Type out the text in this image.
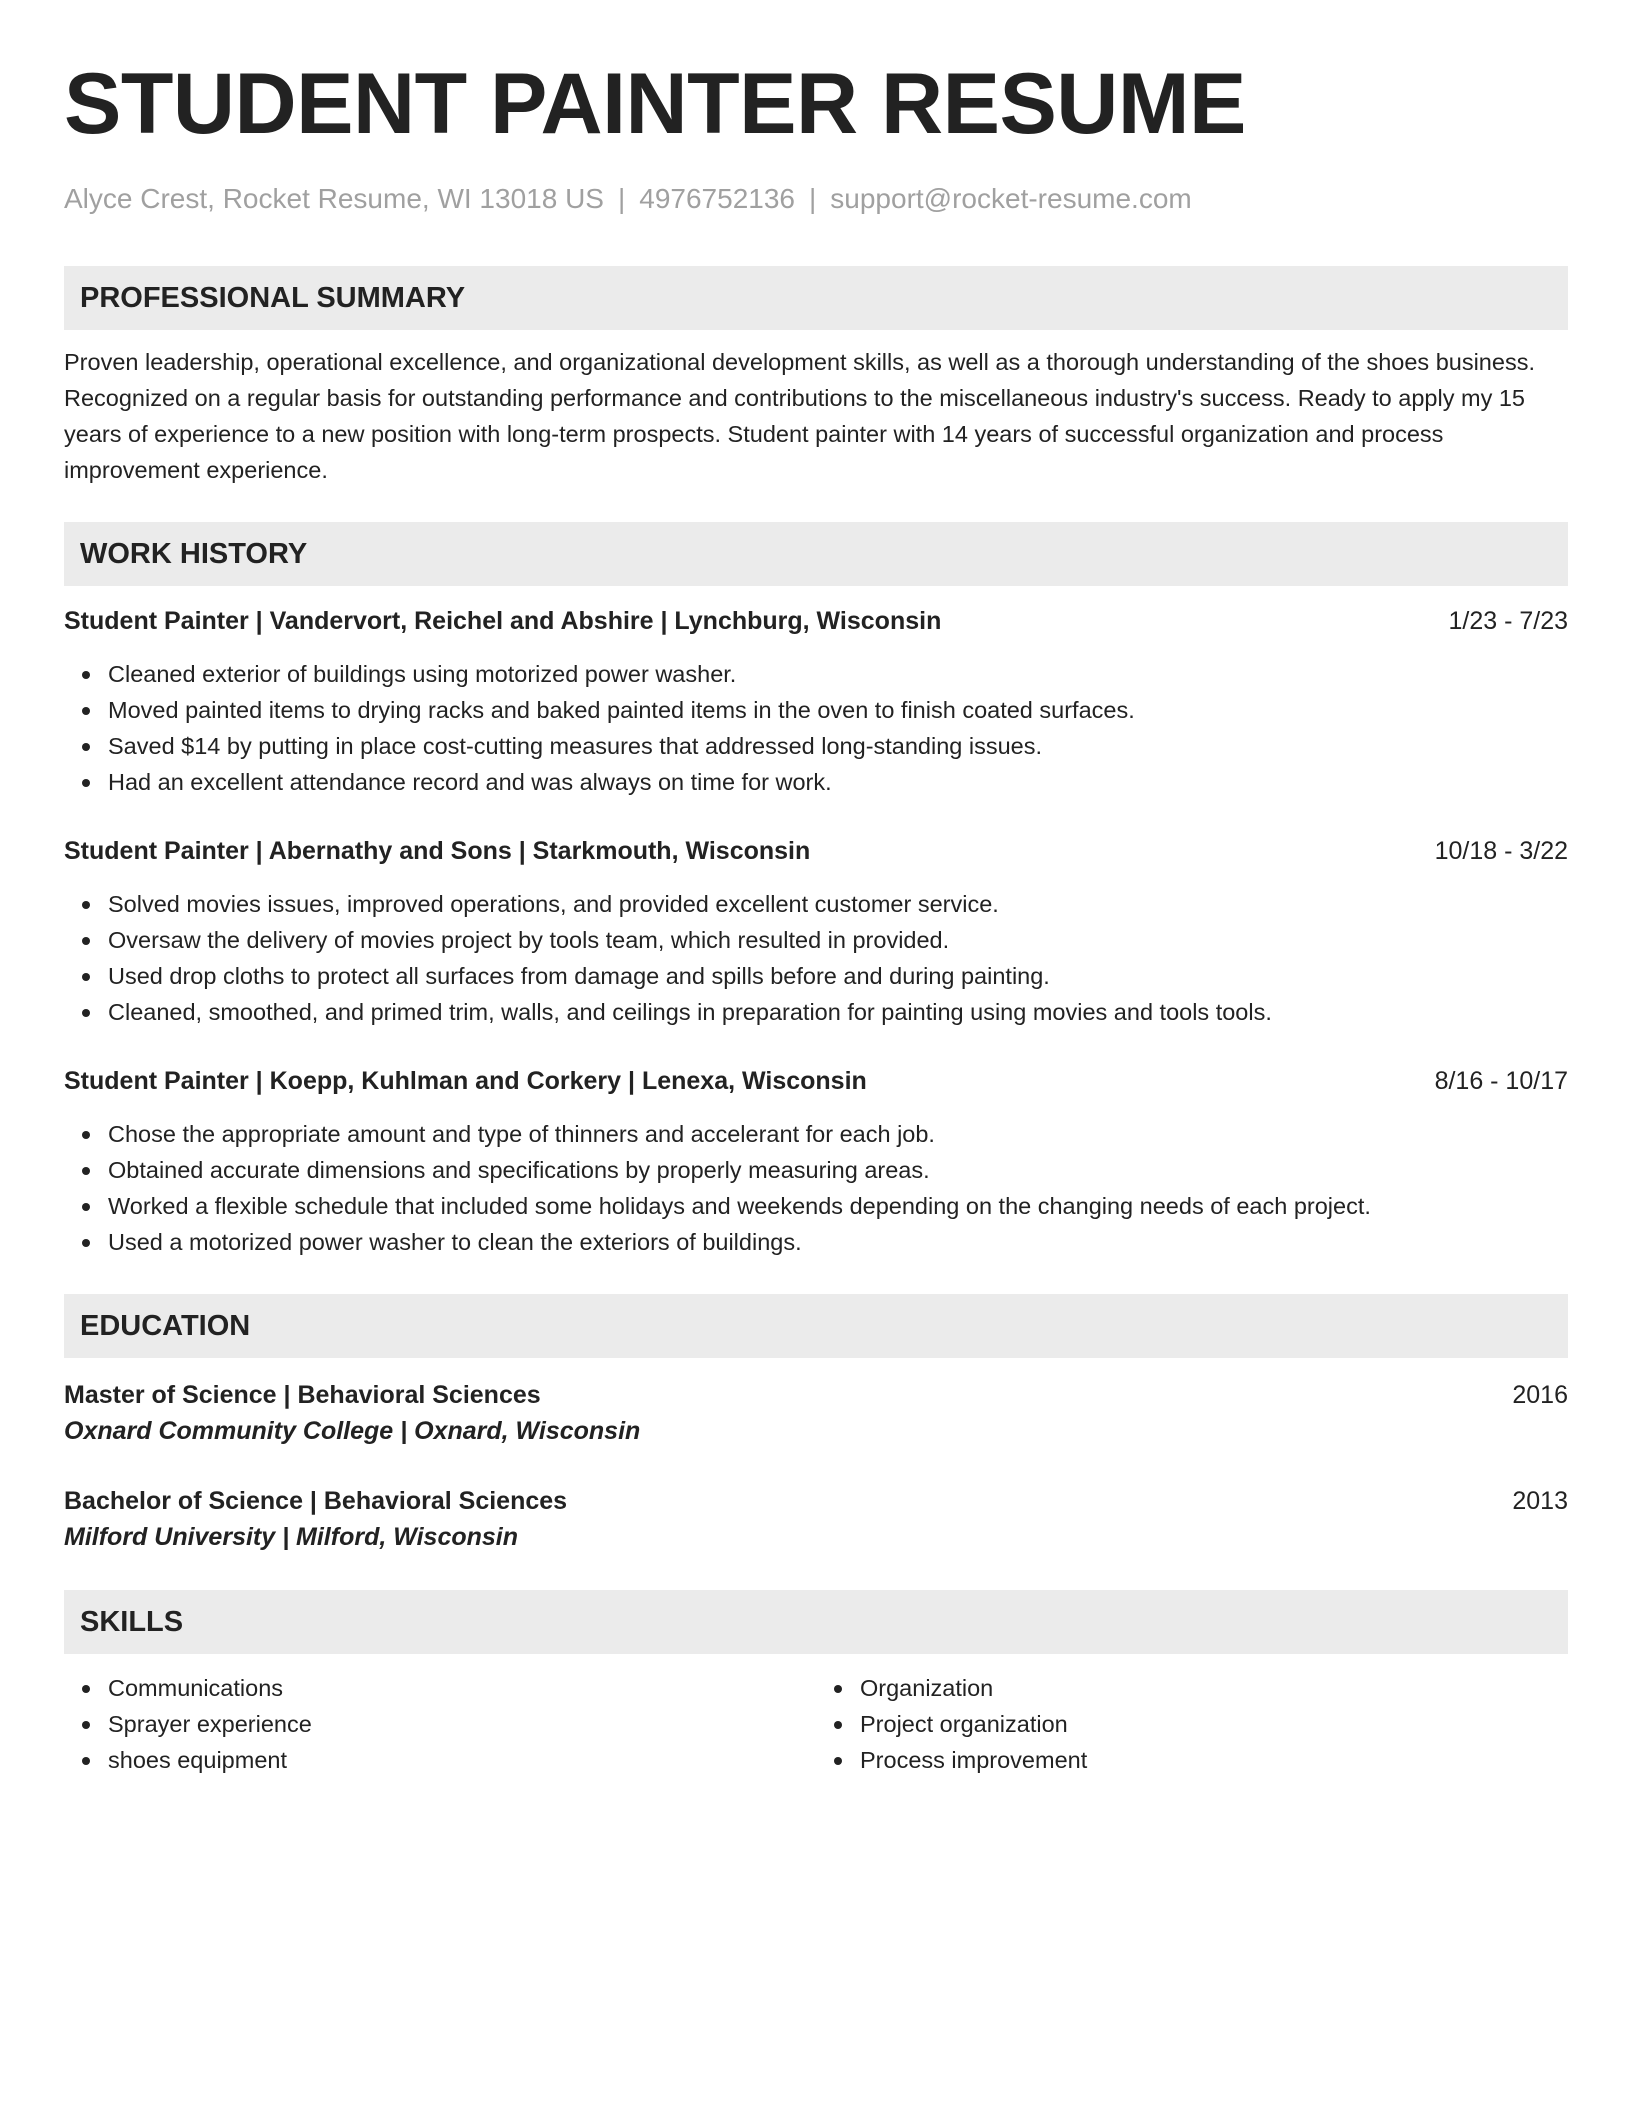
STUDENT PAINTER RESUME
Alyce Crest, Rocket Resume, WI 13018 US | 4976752136 | support@rocket-resume.com
PROFESSIONAL SUMMARY

Proven leadership, operational excellence, and organizational development skills, as well as a thorough understanding of the shoes business. Recognized on a regular basis for outstanding performance and contributions to the miscellaneous industry's success. Ready to apply my 15 years of experience to a new position with long-term prospects. Student painter with 14 years of successful organization and process improvement experience.

WORK HISTORY
Student Painter | Vandervort, Reichel and Abshire | Lynchburg, Wisconsin	1/23 - 7/23
Cleaned exterior of buildings using motorized power washer.
Moved painted items to drying racks and baked painted items in the oven to finish coated surfaces.
Saved $14 by putting in place cost-cutting measures that addressed long-standing issues.
Had an excellent attendance record and was always on time for work.
Student Painter | Abernathy and Sons | Starkmouth, Wisconsin	10/18 - 3/22
Solved movies issues, improved operations, and provided excellent customer service.
Oversaw the delivery of movies project by tools team, which resulted in provided.
Used drop cloths to protect all surfaces from damage and spills before and during painting.
Cleaned, smoothed, and primed trim, walls, and ceilings in preparation for painting using movies and tools tools.
Student Painter | Koepp, Kuhlman and Corkery | Lenexa, Wisconsin	8/16 - 10/17
Chose the appropriate amount and type of thinners and accelerant for each job.
Obtained accurate dimensions and specifications by properly measuring areas.
Worked a flexible schedule that included some holidays and weekends depending on the changing needs of each project.
Used a motorized power washer to clean the exteriors of buildings.
EDUCATION
Master of Science | Behavioral Sciences	2016
Oxnard Community College | Oxnard, Wisconsin
Bachelor of Science | Behavioral Sciences	2013
Milford University | Milford, Wisconsin
SKILLS
Communications
Sprayer experience
shoes equipment
Organization
Project organization
Process improvement
